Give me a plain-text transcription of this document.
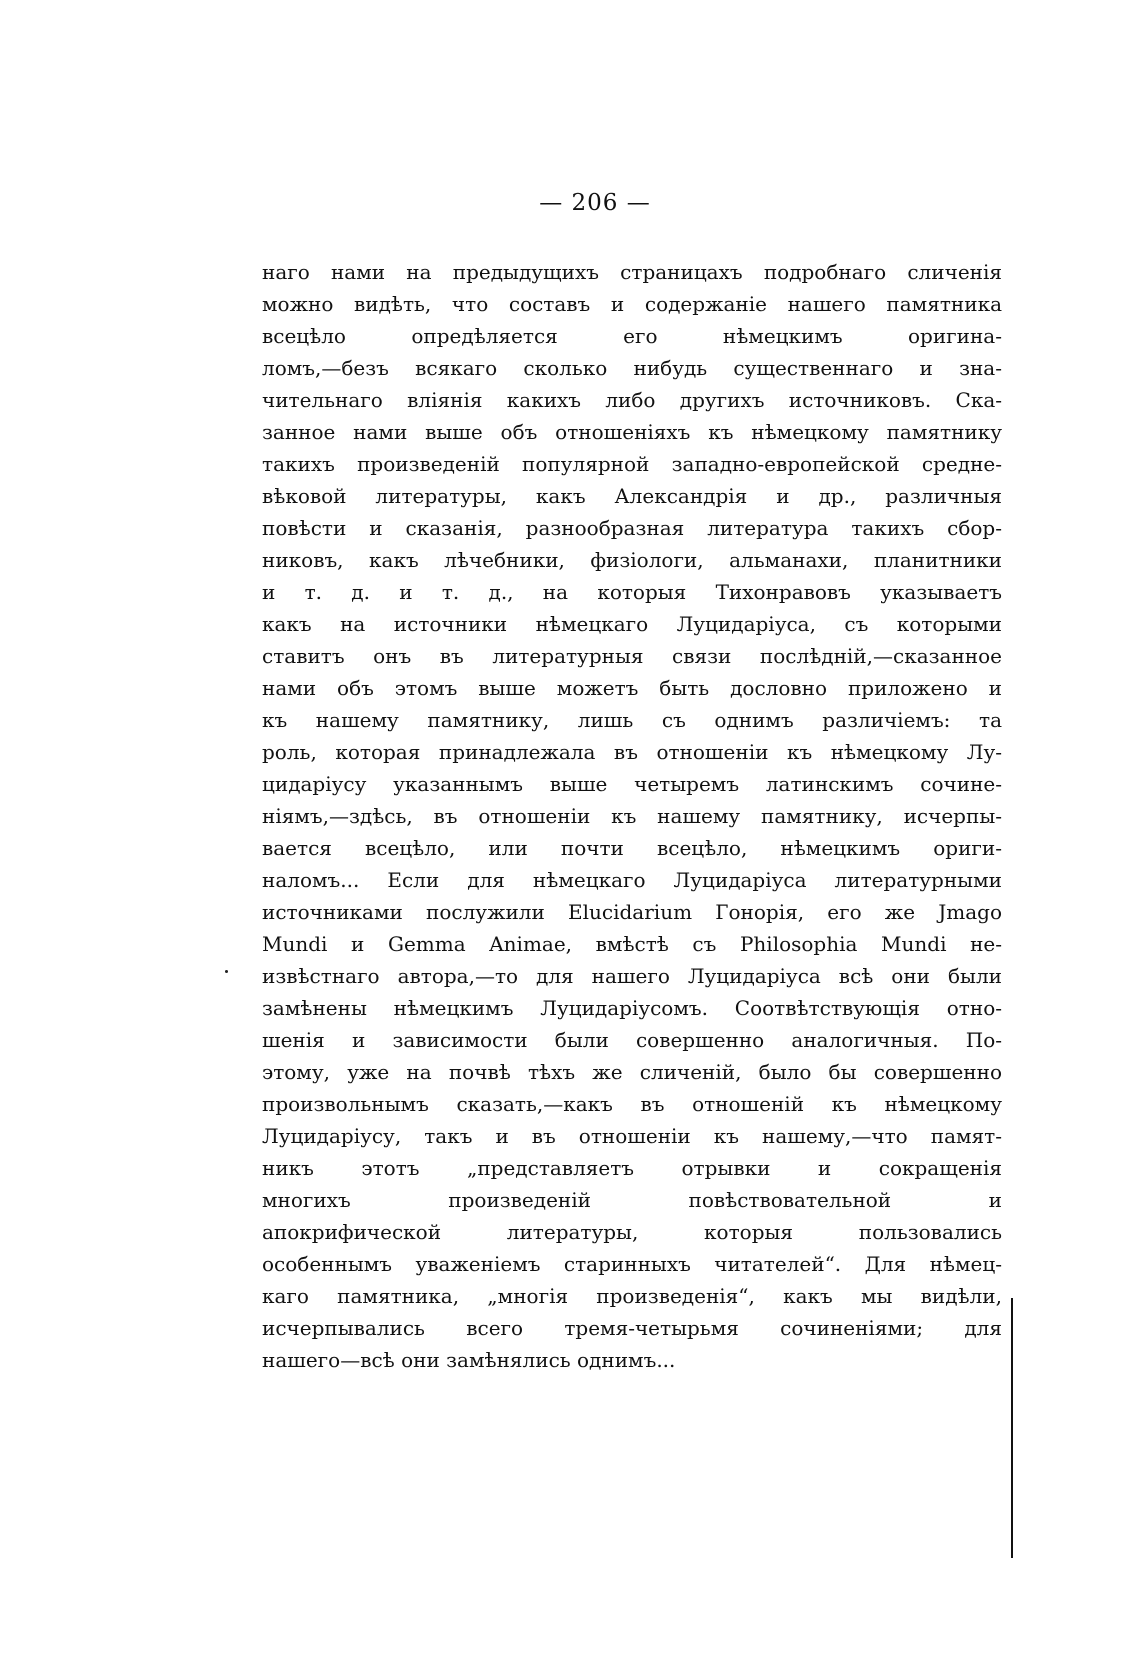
— 206 —
наго нами на предыдущихъ страницахъ подробнаго сличенія
можно видѣть, что составъ и содержаніе нашего памятника
всецѣло опредѣляется его нѣмецкимъ оригина-
ломъ,—безъ всякаго сколько нибудь существеннаго и зна-
чительнаго вліянія какихъ либо другихъ источниковъ. Ска-
занное нами выше объ отношеніяхъ къ нѣмецкому памятнику
такихъ произведеній популярной западно-европейской средне-
вѣковой литературы, какъ Александрія и др., различныя
повѣсти и сказанія, разнообразная литература такихъ сбор-
никовъ, какъ лѣчебники, физіологи, альманахи, планитники
и т. д. и т. д., на которыя Тихонравовъ указываетъ
какъ на источники нѣмецкаго Луцидаріуса, съ которыми
ставитъ онъ въ литературныя связи послѣдній,—сказанное
нами объ этомъ выше можетъ быть дословно приложено и
къ нашему памятнику, лишь съ однимъ различіемъ: та
роль, которая принадлежала въ отношеніи къ нѣмецкому Лу-
цидаріусу указаннымъ выше четыремъ латинскимъ сочине-
ніямъ,—здѣсь, въ отношеніи къ нашему памятнику, исчерпы-
вается всецѣло, или почти всецѣло, нѣмецкимъ ориги-
наломъ... Если для нѣмецкаго Луцидаріуса литературными
источниками послужили Elucidarium Гонорія, его же Jmago
Mundi и Gemma Animae, вмѣстѣ съ Philosophia Mundi не-
извѣстнаго автора,—то для нашего Луцидаріуса всѣ они были
замѣнены нѣмецкимъ Луцидаріусомъ. Соотвѣтствующія отно-
шенія и зависимости были совершенно аналогичныя. По-
этому, уже на почвѣ тѣхъ же сличеній, было бы совершенно
произвольнымъ сказать,—какъ въ отношеній къ нѣмецкому
Луцидаріусу, такъ и въ отношеніи къ нашему,—что памят-
никъ этотъ „представляетъ отрывки и сокращенія
многихъ произведеній повѣствовательной и
апокрифической литературы, которыя пользовались
особеннымъ уваженіемъ старинныхъ читателей“. Для нѣмец-
каго памятника, „многія произведенія“, какъ мы видѣли,
исчерпывались всего тремя-четырьмя сочиненіями; для
нашего—всѣ они замѣнялись однимъ...
